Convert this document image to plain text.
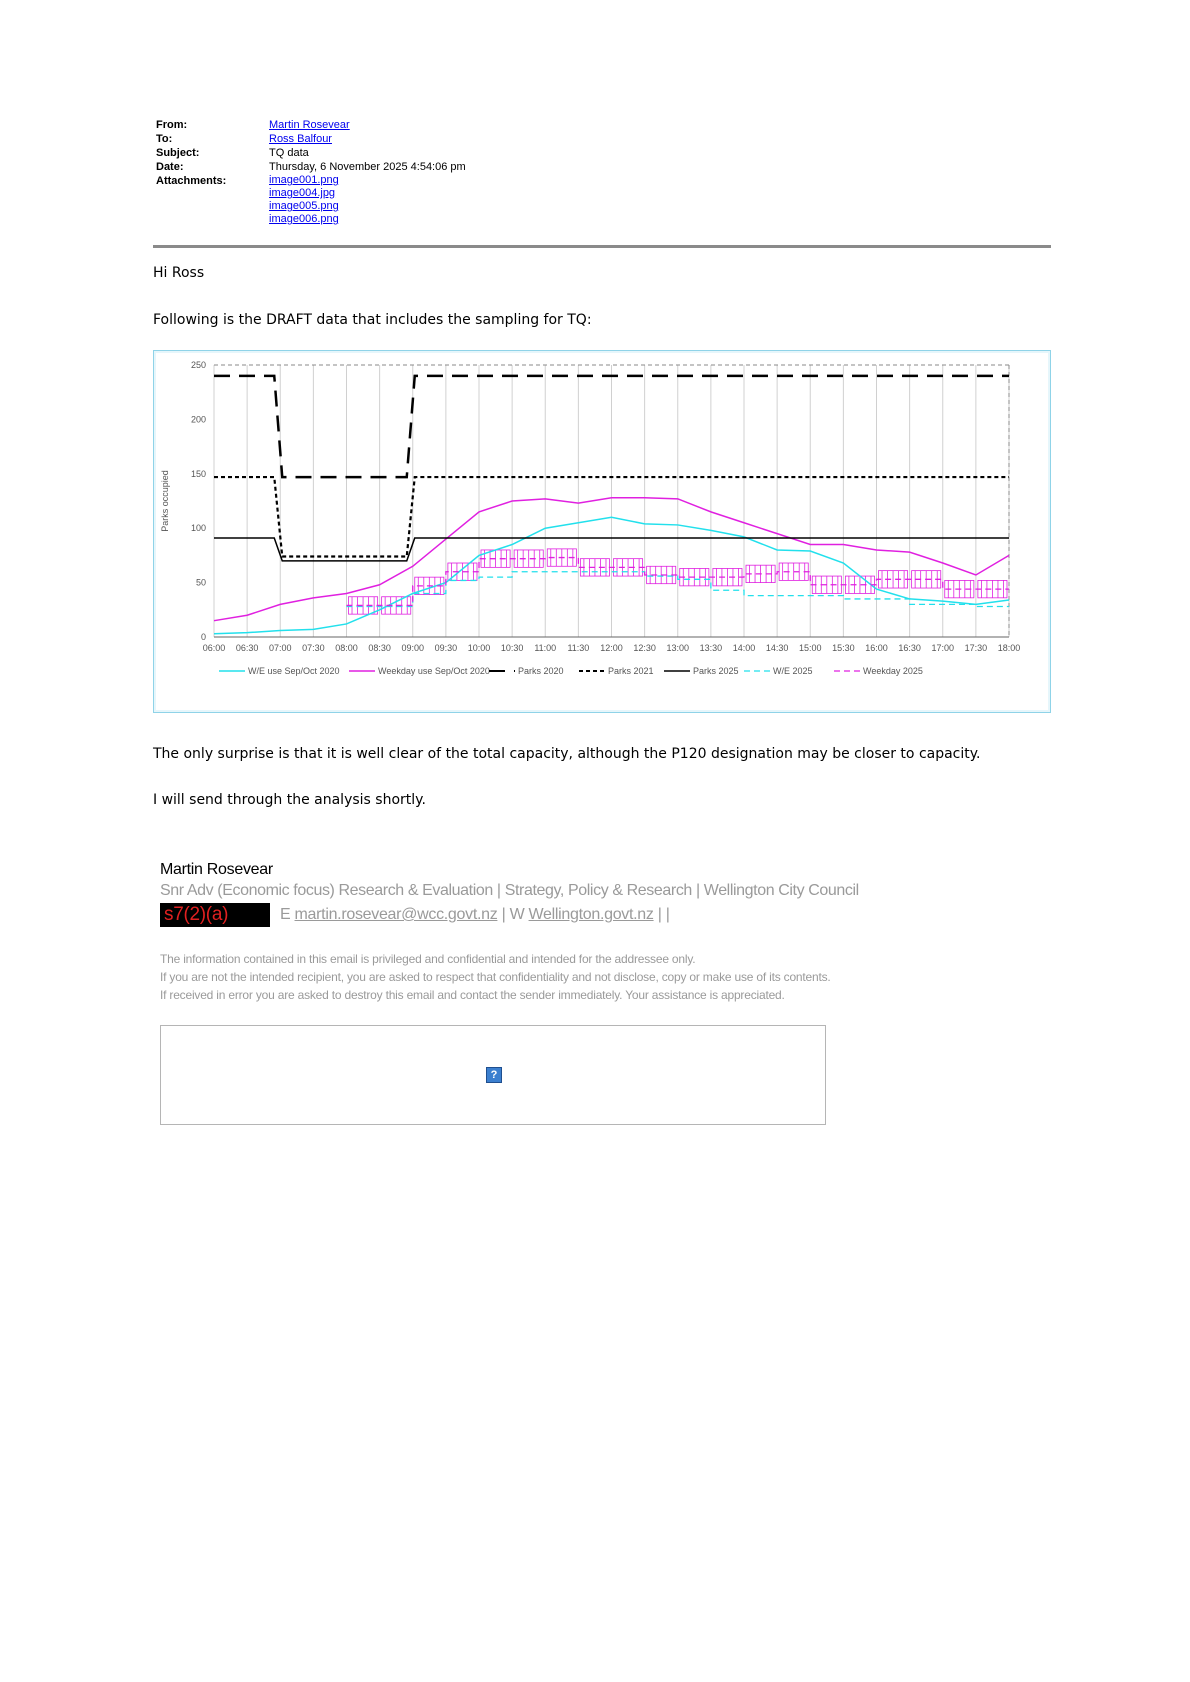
From:	Martin Rosevear
To:	Ross Balfour
Subject:	TQ data
Date:	Thursday, 6 November 2025 4:54:06 pm
Attachments:	image001.png
image004.jpg
image005.png
image006.png
Hi Ross
Following is the DRAFT data that includes the sampling for TQ:
0
50
100
150
200
250
06:00 06:30 07:00 07:30 08:00 08:30 09:00 09:30 10:00 10:30 11:00 11:30 12:00 12:30 13:00 13:30 14:00 14:30 15:00 15:30 16:00 16:30 17:00 17:30 18:00
Parks occupied
W/E use Sep/Oct 2020	Weekday use Sep/Oct 2020	Parks 2020	Parks 2021	Parks 2025	W/E 2025	Weekday 2025
The only surprise is that it is well clear of the total capacity, although the P120 designation may be closer to capacity.
I will send through the analysis shortly.
Martin Rosevear
Snr Adv (Economic focus) Research & Evaluation | Strategy, Policy & Research | Wellington City Council
s7(2)(a)	E
martin.rosevear@wcc.govt.nz
| W
Wellington.govt.nz
| |
The information contained in this email is privileged and confidential and intended for the addressee only.
If you are not the intended recipient, you are asked to respect that confidentiality and not disclose, copy or make use of its contents.
If received in error you are asked to destroy this email and contact the sender immediately. Your assistance is appreciated.
?
